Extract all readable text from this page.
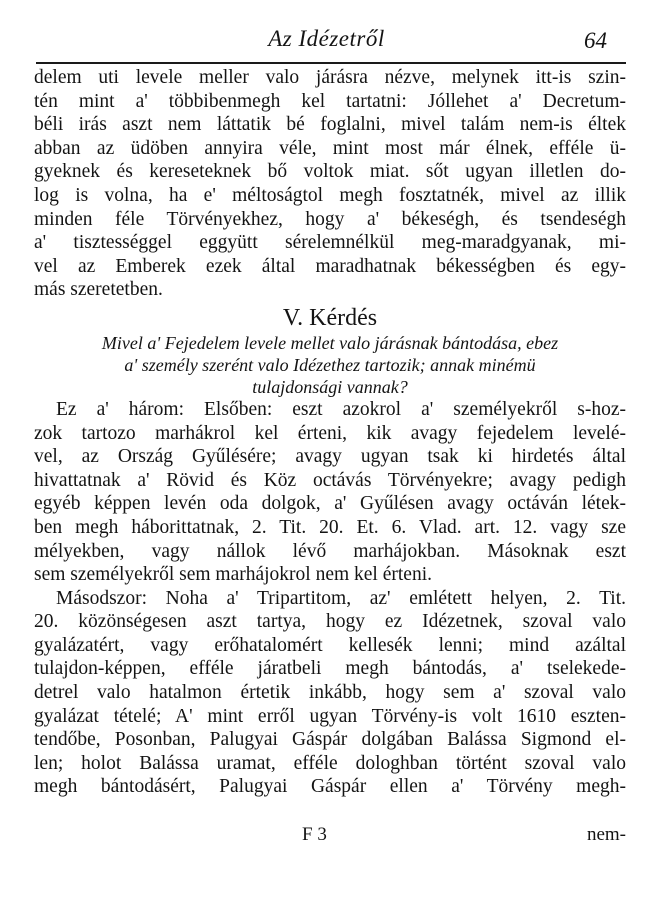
Az Idézetről	64
delem uti levele meller valo járásra nézve, melynek itt-is szin-
tén mint a' többibenmegh kel tartatni: Jóllehet a' Decretum-
béli irás aszt nem láttatik bé foglalni, mivel talám nem-is éltek
abban az üdöben annyira véle, mint most már élnek, efféle ü-
gyeknek és kereseteknek bő voltok miat. sőt ugyan illetlen do-
log is volna, ha e' méltoságtol megh fosztatnék, mivel az illik
minden féle Törvényekhez, hogy a' békeségh, és tsendeségh
a' tisztességgel eggyütt sérelemnélkül meg-maradgyanak, mi-
vel az Emberek ezek által maradhatnak békességben és egy-
más szeretetben.
V. Kérdés
Mivel a' Fejedelem levele mellet valo járásnak bántodása, ebez
a' személy szerént valo Idézethez tartozik; annak minémü
tulajdonsági vannak?
Ez a' három: Elsőben: eszt azokrol a' személyekről s-hoz-
zok tartozo marhákrol kel érteni, kik avagy fejedelem levelé-
vel, az Ország Gyűlésére; avagy ugyan tsak ki hirdetés által
hivattatnak a' Rövid és Köz octávás Törvényekre; avagy pedigh
egyéb képpen levén oda dolgok, a' Gyűlésen avagy octáván létek-
ben megh háborittatnak, 2. Tit. 20. Et. 6. Vlad. art. 12. vagy sze
mélyekben, vagy nállok lévő marhájokban. Másoknak eszt
sem személyekről sem marhájokrol nem kel érteni.
Másodszor: Noha a' Tripartitom, az' emlétett helyen, 2. Tit.
20. közönségesen aszt tartya, hogy ez Idézetnek, szoval valo
gyalázatért, vagy erőhatalomért kellesék lenni; mind azáltal
tulajdon-képpen, efféle járatbeli megh bántodás, a' tselekede-
detrel valo hatalmon értetik inkább, hogy sem a' szoval valo
gyalázat tételé; A' mint erről ugyan Törvény-is volt 1610 eszten-
tendőbe, Posonban, Palugyai Gáspár dolgában Balássa Sigmond el-
len; holot Balássa uramat, efféle dologhban történt szoval valo
megh bántodásért, Palugyai Gáspár ellen a' Törvény megh-
F 3	nem-
